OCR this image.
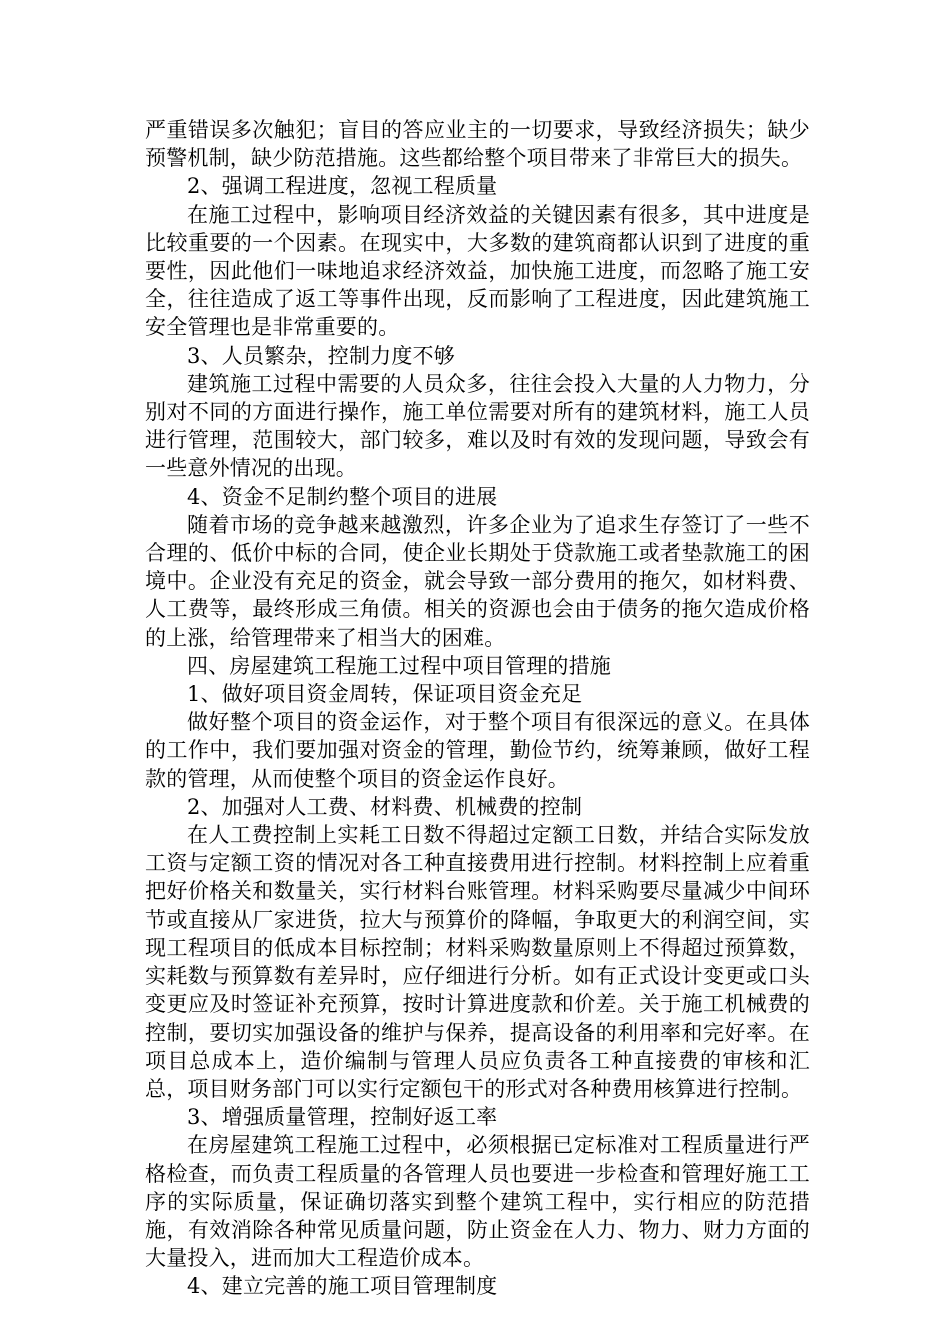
严重错误多次触犯；盲目的答应业主的一切要求，导致经济损失；缺少预警机制，缺少防范措施。这些都给整个项目带来了非常巨大的损失。

2、强调工程进度，忽视工程质量

在施工过程中，影响项目经济效益的关键因素有很多，其中进度是比较重要的一个因素。在现实中，大多数的建筑商都认识到了进度的重要性，因此他们一味地追求经济效益，加快施工进度，而忽略了施工安全，往往造成了返工等事件出现，反而影响了工程进度，因此建筑施工安全管理也是非常重要的。

3、人员繁杂，控制力度不够

建筑施工过程中需要的人员众多，往往会投入大量的人力物力，分别对不同的方面进行操作，施工单位需要对所有的建筑材料，施工人员进行管理，范围较大，部门较多，难以及时有效的发现问题，导致会有一些意外情况的出现。

4、资金不足制约整个项目的进展

随着市场的竞争越来越激烈，许多企业为了追求生存签订了一些不合理的、低价中标的合同，使企业长期处于贷款施工或者垫款施工的困境中。企业没有充足的资金，就会导致一部分费用的拖欠，如材料费、人工费等，最终形成三角债。相关的资源也会由于债务的拖欠造成价格的上涨，给管理带来了相当大的困难。

四、房屋建筑工程施工过程中项目管理的措施

1、做好项目资金周转，保证项目资金充足

做好整个项目的资金运作，对于整个项目有很深远的意义。在具体的工作中，我们要加强对资金的管理，勤俭节约，统筹兼顾，做好工程款的管理，从而使整个项目的资金运作良好。

2、加强对人工费、材料费、机械费的控制

在人工费控制上实耗工日数不得超过定额工日数，并结合实际发放工资与定额工资的情况对各工种直接费用进行控制。材料控制上应着重把好价格关和数量关，实行材料台账管理。材料采购要尽量减少中间环节或直接从厂家进货，拉大与预算价的降幅，争取更大的利润空间，实现工程项目的低成本目标控制；材料采购数量原则上不得超过预算数，实耗数与预算数有差异时，应仔细进行分析。如有正式设计变更或口头变更应及时签证补充预算，按时计算进度款和价差。关于施工机械费的控制，要切实加强设备的维护与保养，提高设备的利用率和完好率。在项目总成本上，造价编制与管理人员应负责各工种直接费的审核和汇总，项目财务部门可以实行定额包干的形式对各种费用核算进行控制。

3、增强质量管理，控制好返工率

在房屋建筑工程施工过程中，必须根据已定标准对工程质量进行严格检查，而负责工程质量的各管理人员也要进一步检查和管理好施工工序的实际质量，保证确切落实到整个建筑工程中，实行相应的防范措施，有效消除各种常见质量问题，防止资金在人力、物力、财力方面的大量投入，进而加大工程造价成本。

4、建立完善的施工项目管理制度
